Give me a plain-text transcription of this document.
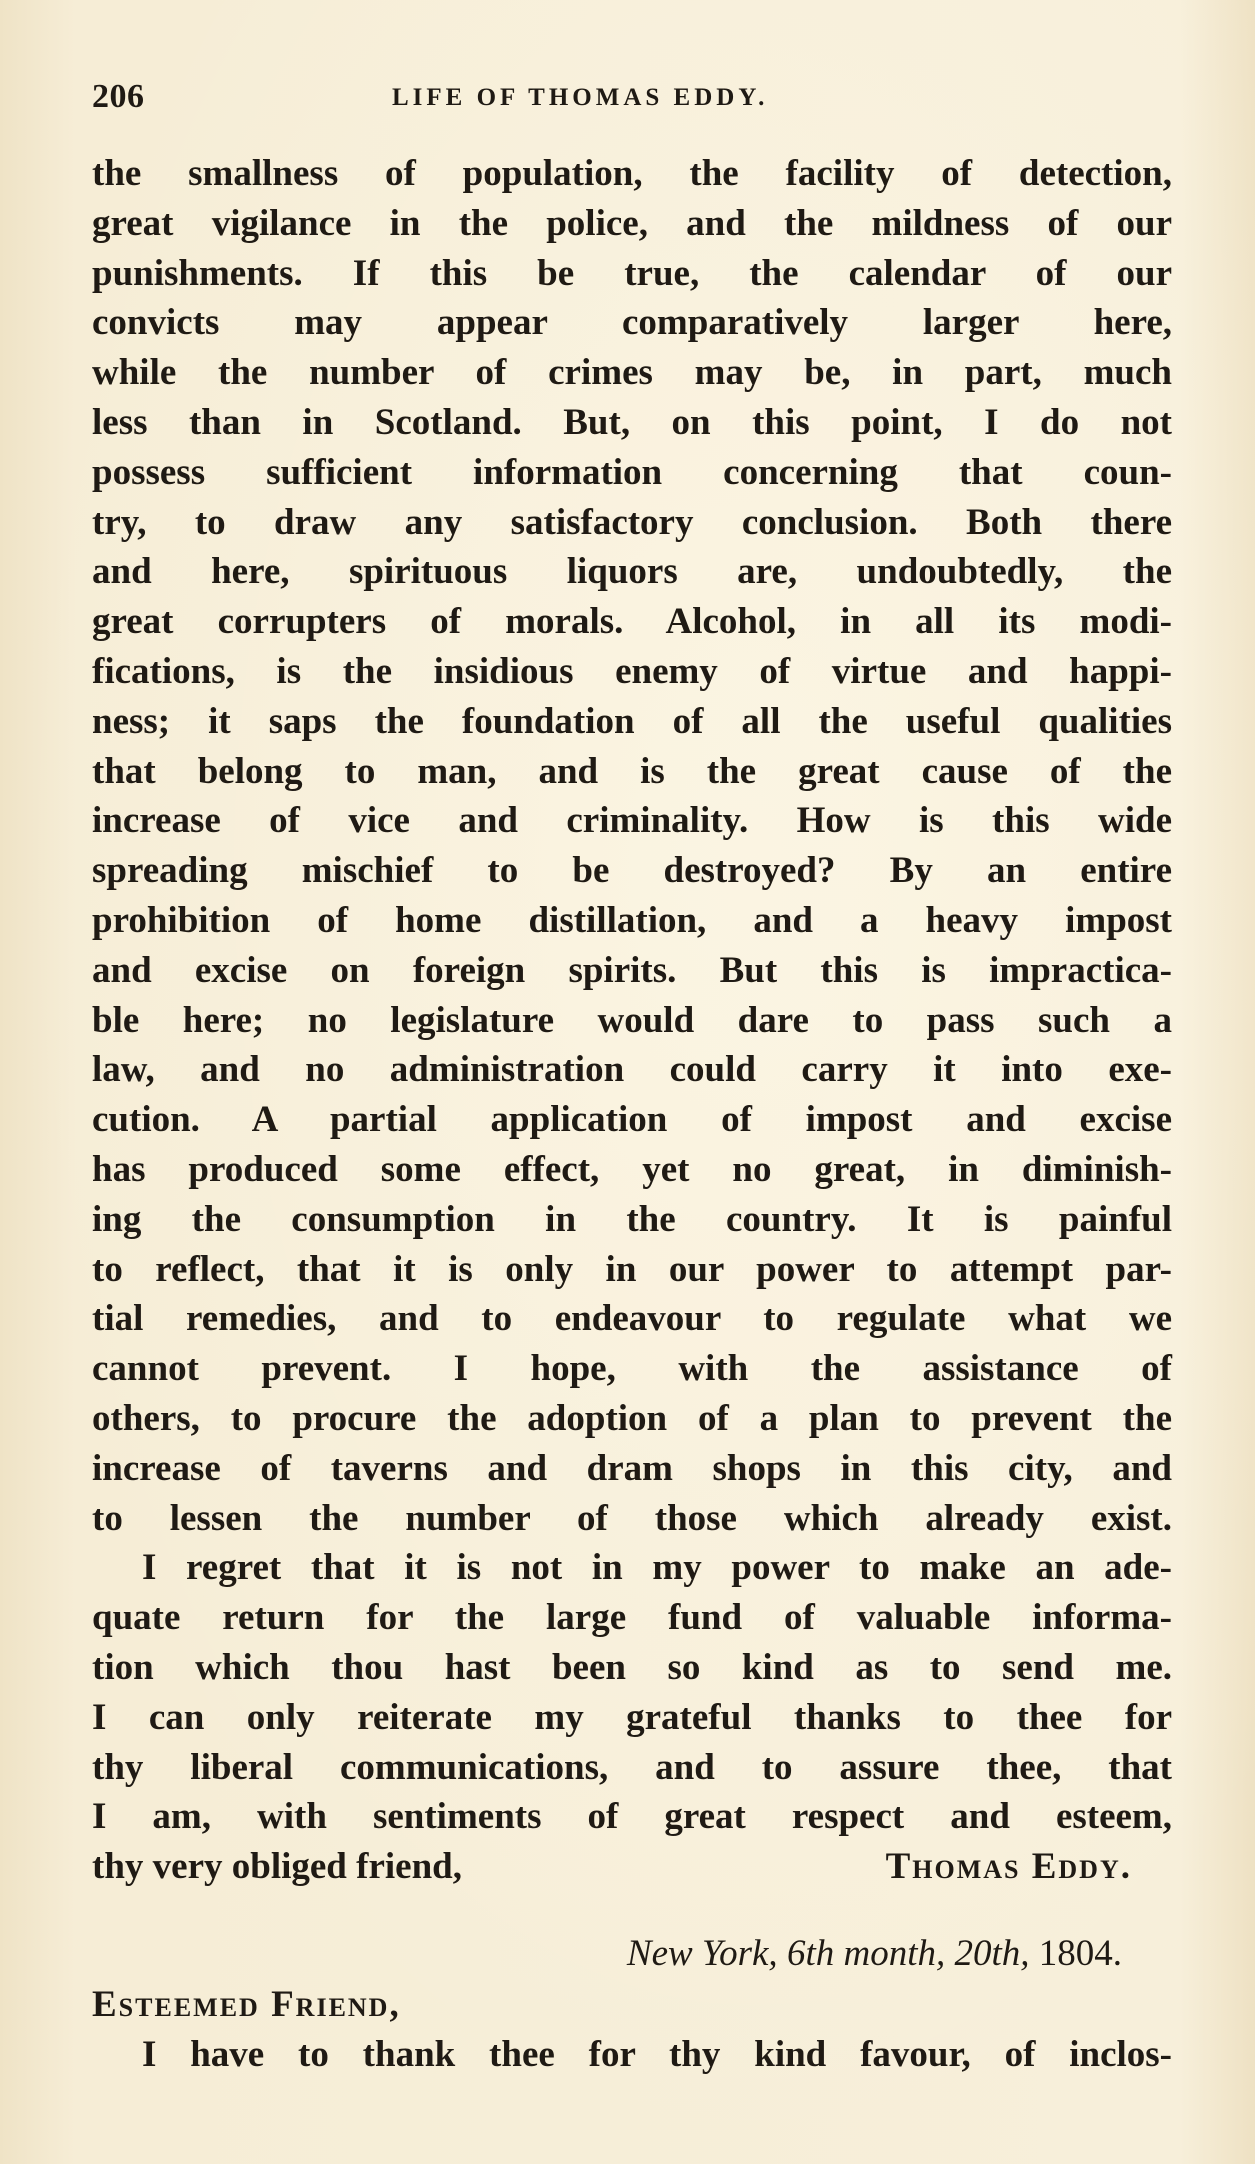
206	LIFE OF THOMAS EDDY.
the smallness of population, the facility of detection,
great vigilance in the police, and the mildness of our
punishments. If this be true, the calendar of our
convicts may appear comparatively larger here,
while the number of crimes may be, in part, much
less than in Scotland. But, on this point, I do not
possess sufficient information concerning that coun-
try, to draw any satisfactory conclusion. Both there
and here, spirituous liquors are, undoubtedly, the
great corrupters of morals. Alcohol, in all its modi-
fications, is the insidious enemy of virtue and happi-
ness; it saps the foundation of all the useful qualities
that belong to man, and is the great cause of the
increase of vice and criminality. How is this wide
spreading mischief to be destroyed? By an entire
prohibition of home distillation, and a heavy impost
and excise on foreign spirits. But this is impractica-
ble here; no legislature would dare to pass such a
law, and no administration could carry it into exe-
cution. A partial application of impost and excise
has produced some effect, yet no great, in diminish-
ing the consumption in the country. It is painful
to reflect, that it is only in our power to attempt par-
tial remedies, and to endeavour to regulate what we
cannot prevent. I hope, with the assistance of
others, to procure the adoption of a plan to prevent the
increase of taverns and dram shops in this city, and
to lessen the number of those which already exist.
I regret that it is not in my power to make an ade-
quate return for the large fund of valuable informa-
tion which thou hast been so kind as to send me.
I can only reiterate my grateful thanks to thee for
thy liberal communications, and to assure thee, that
I am, with sentiments of great respect and esteem,
thy very obliged friend,	Thomas Eddy.
New York, 6th month, 20th, 1804.
Esteemed Friend,
I have to thank thee for thy kind favour, of inclos-
